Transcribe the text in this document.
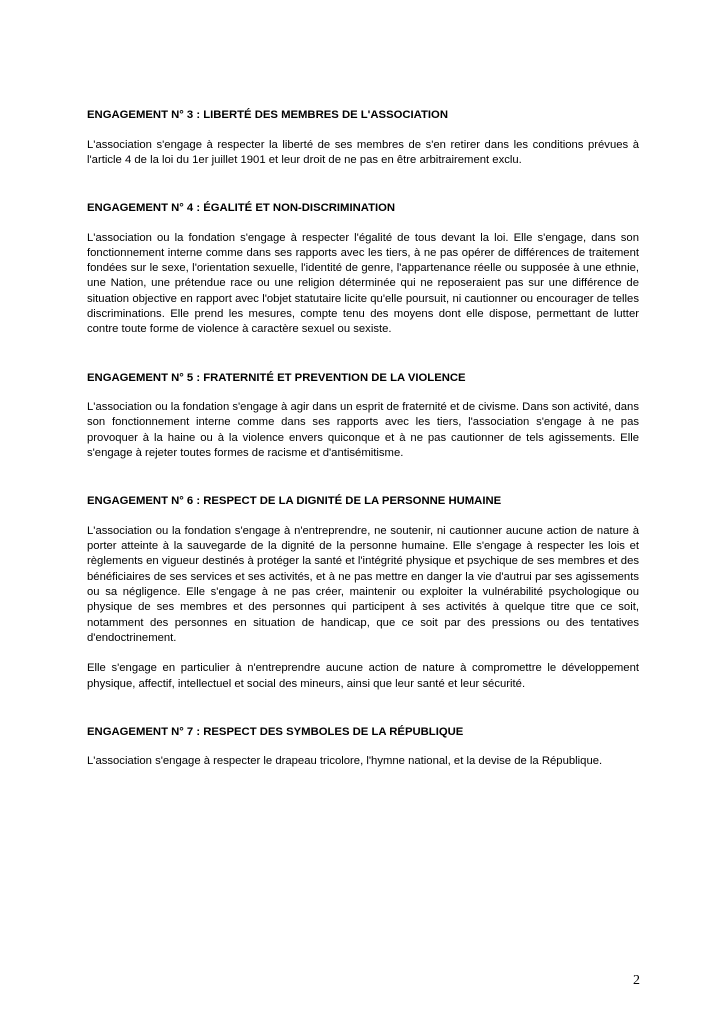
ENGAGEMENT N° 3 : LIBERTÉ DES MEMBRES DE L'ASSOCIATION

L'association s'engage à respecter la liberté de ses membres de s'en retirer dans les conditions prévues à l'article 4 de la loi du 1er juillet 1901 et leur droit de ne pas en être arbitrairement exclu.

ENGAGEMENT N° 4 : ÉGALITÉ ET NON-DISCRIMINATION

L'association ou la fondation s'engage à respecter l'égalité de tous devant la loi. Elle s'engage, dans son fonctionnement interne comme dans ses rapports avec les tiers, à ne pas opérer de différences de traitement fondées sur le sexe, l'orientation sexuelle, l'identité de genre, l'appartenance réelle ou supposée à une ethnie, une Nation, une prétendue race ou une religion déterminée qui ne reposeraient pas sur une différence de situation objective en rapport avec l'objet statutaire licite qu'elle poursuit, ni cautionner ou encourager de telles discriminations. Elle prend les mesures, compte tenu des moyens dont elle dispose, permettant de lutter contre toute forme de violence à caractère sexuel ou sexiste.

ENGAGEMENT N° 5 : FRATERNITÉ ET PREVENTION DE LA VIOLENCE

L'association ou la fondation s'engage à agir dans un esprit de fraternité et de civisme. Dans son activité, dans son fonctionnement interne comme dans ses rapports avec les tiers, l'association s'engage à ne pas provoquer à la haine ou à la violence envers quiconque et à ne pas cautionner de tels agissements. Elle s'engage à rejeter toutes formes de racisme et d'antisémitisme.

ENGAGEMENT N° 6 : RESPECT DE LA DIGNITÉ DE LA PERSONNE HUMAINE

L'association ou la fondation s'engage à n'entreprendre, ne soutenir, ni cautionner aucune action de nature à porter atteinte à la sauvegarde de la dignité de la personne humaine. Elle s'engage à respecter les lois et règlements en vigueur destinés à protéger la santé et l'intégrité physique et psychique de ses membres et des bénéficiaires de ses services et ses activités, et à ne pas mettre en danger la vie d'autrui par ses agissements ou sa négligence. Elle s'engage à ne pas créer, maintenir ou exploiter la vulnérabilité psychologique ou physique de ses membres et des personnes qui participent à ses activités à quelque titre que ce soit, notamment des personnes en situation de handicap, que ce soit par des pressions ou des tentatives d'endoctrinement.

Elle s'engage en particulier à n'entreprendre aucune action de nature à compromettre le développement physique, affectif, intellectuel et social des mineurs, ainsi que leur santé et leur sécurité.

ENGAGEMENT N° 7 : RESPECT DES SYMBOLES DE LA RÉPUBLIQUE

L'association s'engage à respecter le drapeau tricolore, l'hymne national, et la devise de la République.

2
